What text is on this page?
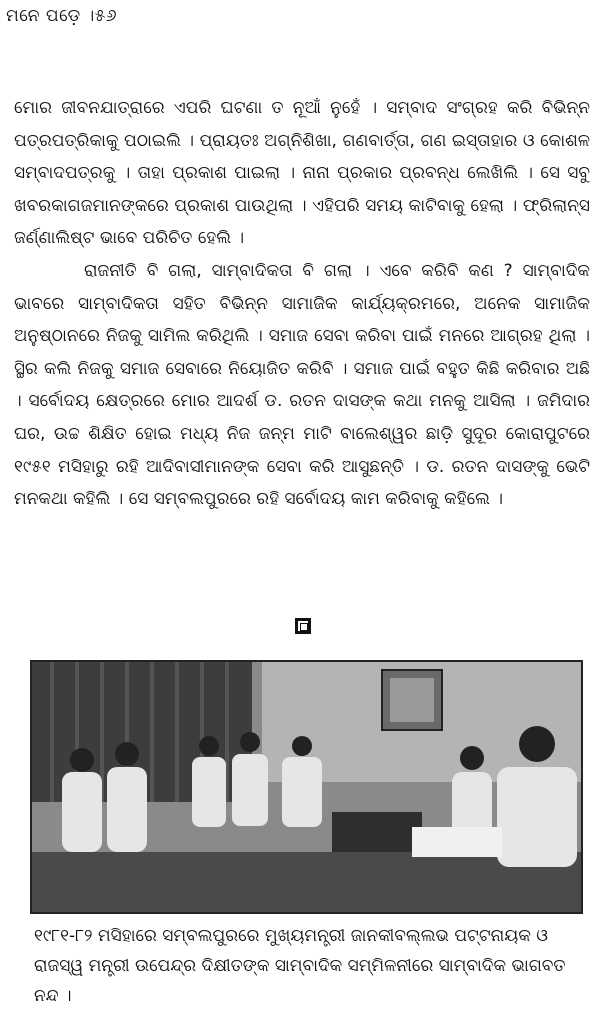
ମନେ ପଡ଼େ ।୫୬

ମୋର ଜୀବନଯାତ୍ରାରେ ଏପରି ଘଟଣା ତ ନୂଆଁ ନୁହେଁ । ସମ୍ବାଦ ସଂଗ୍ରହ କରି ବିଭିନ୍ନ ପତ୍ରପତ୍ରିକାକୁ ପଠାଇଲି । ପ୍ରାୟତଃ ଅଗ୍ନିଶିଖା, ଗଣବାର୍ତ୍ତା, ଗଣ ଇସ୍ତାହାର ଓ କୋଶଳ ସମ୍ବାଦପତ୍ରକୁ । ତାହା ପ୍ରକାଶ ପାଇଲା । ନାନା ପ୍ରକାର ପ୍ରବନ୍ଧ ଲେଖିଲି । ସେ ସବୁ ଖବରକାଗଜମାନଙ୍କରେ ପ୍ରକାଶ ପାଉଥିଲା । ଏହିପରି ସମୟ କାଟିବାକୁ ହେଲା । ଫ୍ରିଲାନ୍ସ ଜର୍ଣ୍ଣାଲିଷ୍ଟ ଭାବେ ପରିଚିତ ହେଲି ।

ରାଜନୀତି ବି ଗଲା, ସାମ୍ବାଦିକତା ବି ଗଲା । ଏବେ କରିବି କଣ ? ସାମ୍ବାଦିକ ଭାବରେ ସାମ୍ବାଦିକତା ସହିତ ବିଭିନ୍ନ ସାମାଜିକ କାର୍ଯ୍ୟକ୍ରମରେ, ଅନେକ ସାମାଜିକ ଅନୁଷ୍ଠାନରେ ନିଜକୁ ସାମିଲ କରିଥିଲି । ସମାଜ ସେବା କରିବା ପାଇଁ ମନରେ ଆଗ୍ରହ ଥିଲା । ସ୍ଥିର କଲି ନିଜକୁ ସମାଜ ସେବାରେ ନିୟୋଜିତ କରିବି । ସମାଜ ପାଇଁ ବହୁତ କିଛି କରିବାର ଅଛି । ସର୍ବୋଦୟ କ୍ଷେତ୍ରରେ ମୋର ଆଦର୍ଶ ଡ. ରତନ ଦାସଙ୍କ କଥା ମନକୁ ଆସିଲା । ଜମିଦାର ଘର, ଉଚ୍ଚ ଶିକ୍ଷିତ ହୋଇ ମଧ୍ୟ ନିଜ ଜନ୍ମ ମାଟି ବାଲେଶ୍ୱର ଛାଡ଼ି ସୁଦୂର କୋରାପୁଟରେ ୧୯୫୧ ମସିହାରୁ ରହି ଆଦିବାସୀମାନଙ୍କ ସେବା କରି ଆସୁଛନ୍ତି । ଡ. ରତନ ଦାସଙ୍କୁ ଭେଟି ମନକଥା କହିଲି । ସେ ସମ୍ବଲପୁରରେ ରହି ସର୍ବୋଦୟ କାମ କରିବାକୁ କହିଲେ ।

୧୯୮୧-୮୨ ମସିହାରେ ସମ୍ବଲପୁରରେ ମୁଖ୍ୟମନ୍ତ୍ରୀ ଜାନକୀବଲ୍ଲଭ ପଟ୍ଟନାୟକ ଓ

ରାଜସ୍ୱ ମନ୍ତ୍ରୀ ଉପେନ୍ଦ୍ର ଦିକ୍ଷୀତଙ୍କ ସାମ୍ବାଦିକ ସମ୍ମିଳନୀରେ ସାମ୍ବାଦିକ ଭାଗବତ ନନ୍ଦ ।
